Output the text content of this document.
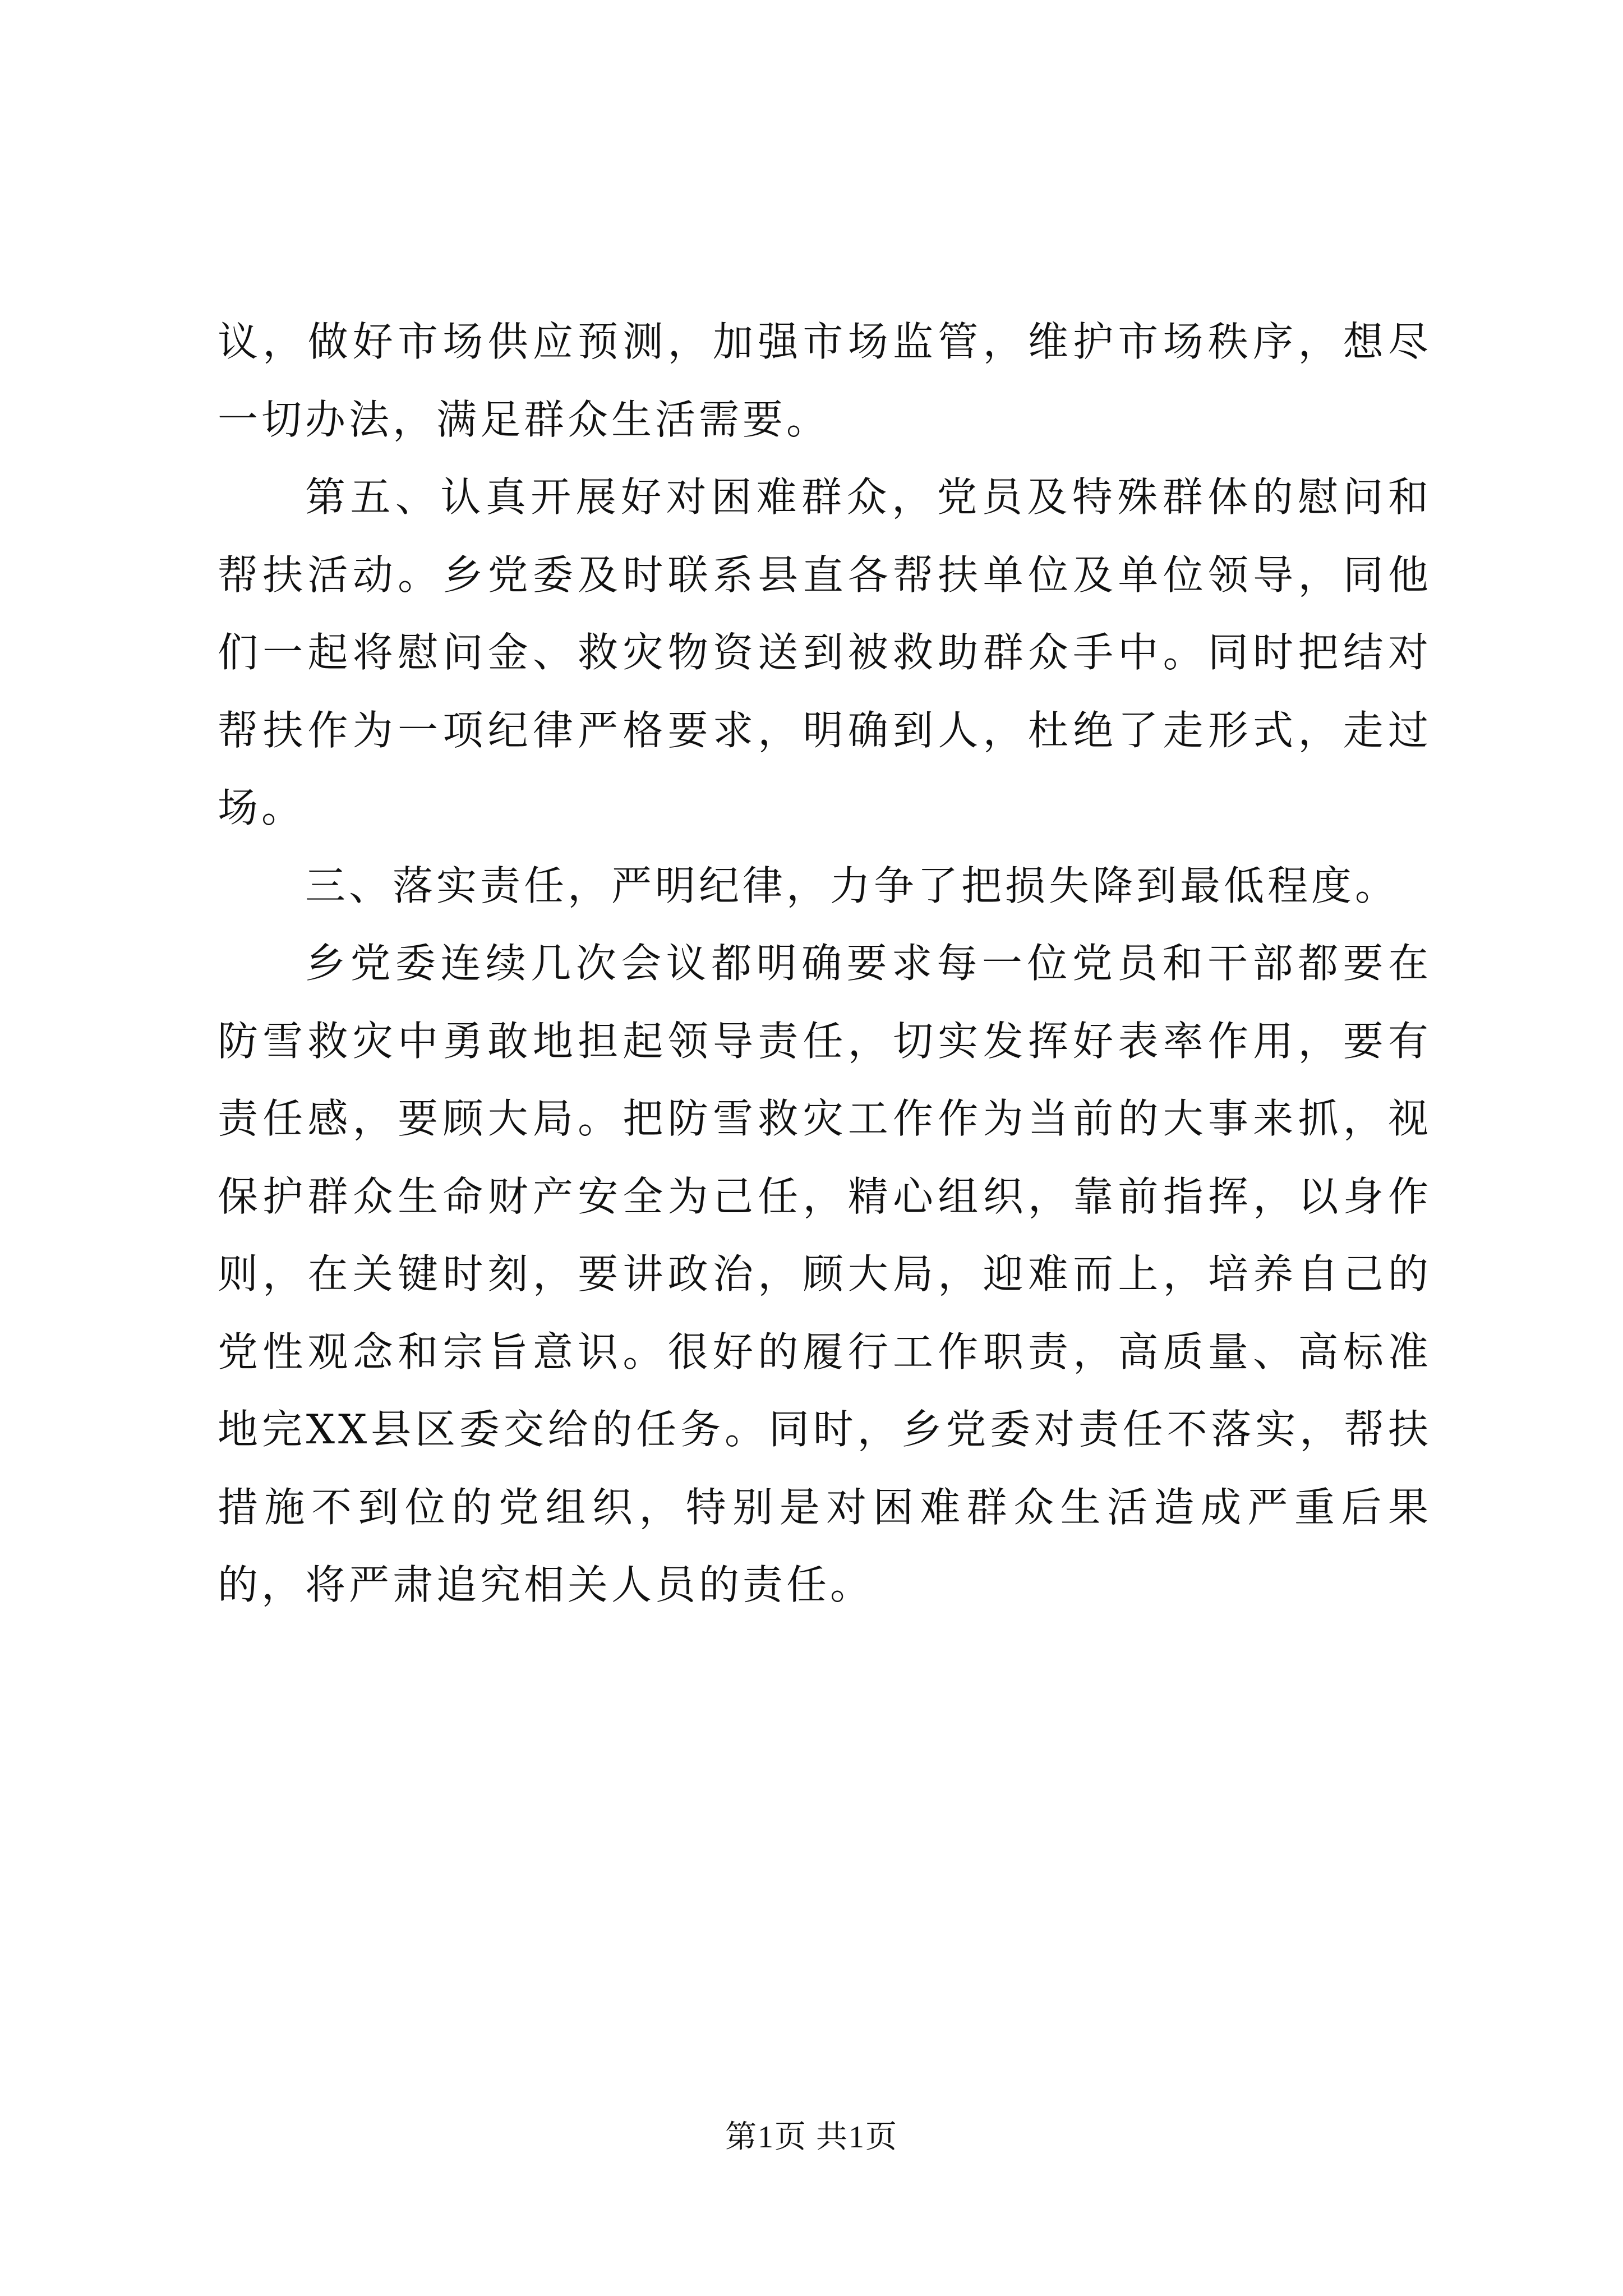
议，做好市场供应预测，加强市场监管，维护市场秩序，想尽一切办法，满足群众生活需要。

第五、认真开展好对困难群众，党员及特殊群体的慰问和帮扶活动。乡党委及时联系县直各帮扶单位及单位领导，同他们一起将慰问金、救灾物资送到被救助群众手中。同时把结对帮扶作为一项纪律严格要求，明确到人，杜绝了走形式，走过场。

三、落实责任，严明纪律，力争了把损失降到最低程度。

乡党委连续几次会议都明确要求每一位党员和干部都要在防雪救灾中勇敢地担起领导责任，切实发挥好表率作用，要有责任感，要顾大局。把防雪救灾工作作为当前的大事来抓，视保护群众生命财产安全为己任，精心组织，靠前指挥，以身作则，在关键时刻，要讲政治，顾大局，迎难而上，培养自己的党性观念和宗旨意识。很好的履行工作职责，高质量、高标准地完XX县区委交给的任务。同时，乡党委对责任不落实，帮扶措施不到位的党组织，特别是对困难群众生活造成严重后果的，将严肃追究相关人员的责任。

第1页 共1页
